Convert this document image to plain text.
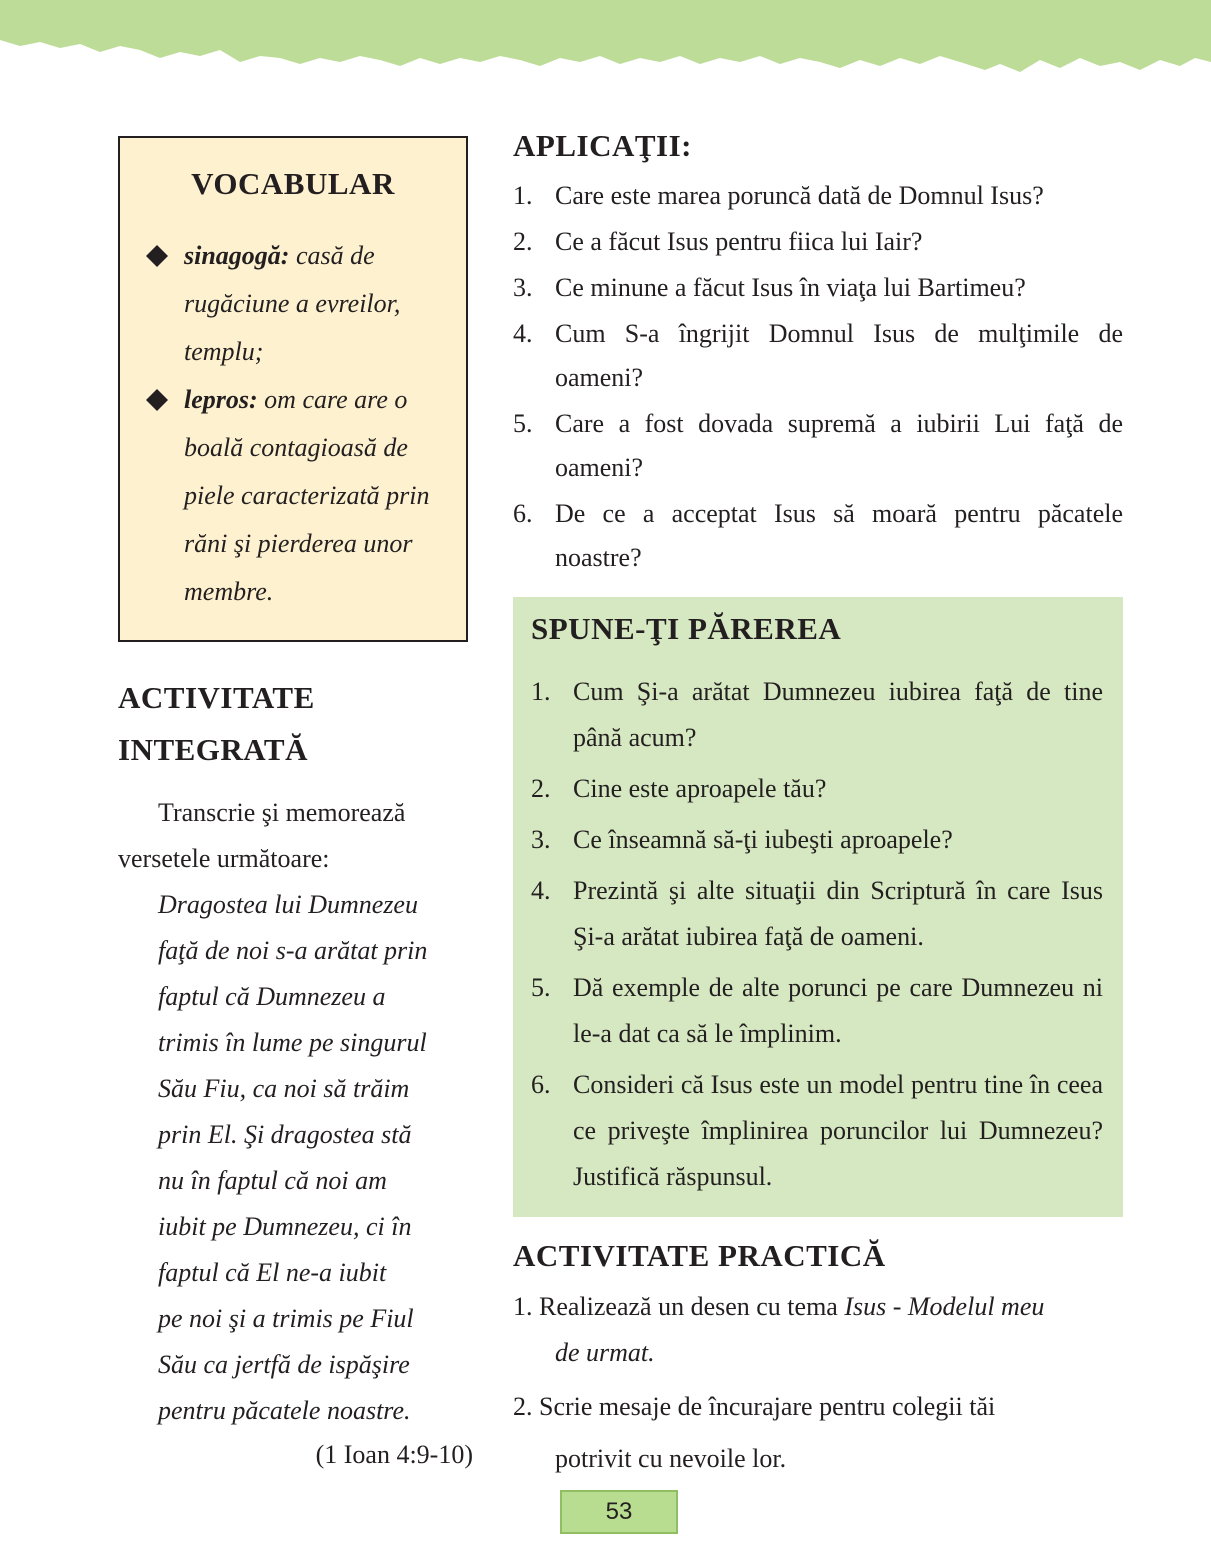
VOCABULAR
sinagogă: casă de rugăciune a evreilor, templu;
lepros: om care are o boală contagioasă de piele caracterizată prin răni şi pierderea unor membre.
ACTIVITATE
INTEGRATĂ

Transcrie şi memorează
versetele următoare:

Dragostea lui Dumnezeu
faţă de noi s-a arătat prin
faptul că Dumnezeu a
trimis în lume pe singurul
Său Fiu, ca noi să trăim
prin El. Şi dragostea stă
nu în faptul că noi am
iubit pe Dumnezeu, ci în
faptul că El ne-a iubit
pe noi şi a trimis pe Fiul
Său ca jertfă de ispăşire
pentru păcatele noastre.

(1 Ioan 4:9-10)

APLICAŢII:
1. Care este marea poruncă dată de Domnul Isus?
2. Ce a făcut Isus pentru fiica lui Iair?
3. Ce minune a făcut Isus în viaţa lui Bartimeu?
4. Cum S-a îngrijit Domnul Isus de mulţimile de oameni?
5. Care a fost dovada supremă a iubirii Lui faţă de oameni?
6. De ce a acceptat Isus să moară pentru păcatele noastre?
SPUNE-ŢI PĂREREA
1. Cum Şi-a arătat Dumnezeu iubirea faţă de tine până acum?
2. Cine este aproapele tău?
3. Ce înseamnă să-ţi iubeşti aproapele?
4. Prezintă şi alte situaţii din Scriptură în care Isus Şi-a arătat iubirea faţă de oameni.
5. Dă exemple de alte porunci pe care Dumnezeu ni le-a dat ca să le împlinim.
6. Consideri că Isus este un model pentru tine în ceea ce priveşte împlinirea poruncilor lui Dumnezeu? Justifică răspunsul.
ACTIVITATE PRACTICĂ
1. Realizează un desen cu tema Isus - Modelul meu
de urmat.
2. Scrie mesaje de încurajare pentru colegii tăi
potrivit cu nevoile lor.
53
